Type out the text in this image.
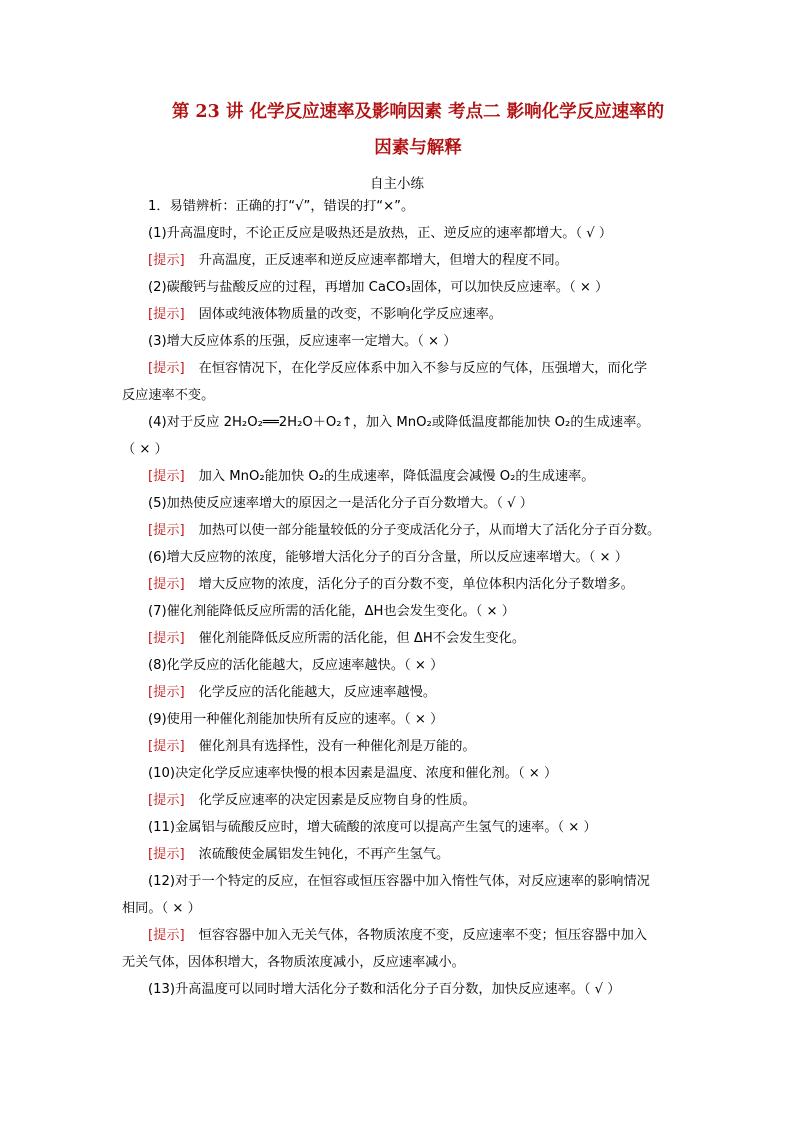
第 23 讲 化学反应速率及影响因素 考点二 影响化学反应速率的
因素与解释
自主小练
1．易错辨析：正确的打“√”，错误的打“×”。
(1)升高温度时，不论正反应是吸热还是放热，正、逆反应的速率都增大。（ √ ）
[提示] 升高温度，正反速率和逆反应速率都增大，但增大的程度不同。
(2)碳酸钙与盐酸反应的过程，再增加 CaCO₃固体，可以加快反应速率。（ × ）
[提示] 固体或纯液体物质量的改变，不影响化学反应速率。
(3)增大反应体系的压强，反应速率一定增大。（ × ）
[提示] 在恒容情况下，在化学反应体系中加入不参与反应的气体，压强增大，而化学
反应速率不变。
(4)对于反应 2H₂O₂══2H₂O＋O₂↑，加入 MnO₂或降低温度都能加快 O₂的生成速率。
（ × ）
[提示] 加入 MnO₂能加快 O₂的生成速率，降低温度会减慢 O₂的生成速率。
(5)加热使反应速率增大的原因之一是活化分子百分数增大。（ √ ）
[提示] 加热可以使一部分能量较低的分子变成活化分子，从而增大了活化分子百分数。
(6)增大反应物的浓度，能够增大活化分子的百分含量，所以反应速率增大。（ × ）
[提示] 增大反应物的浓度，活化分子的百分数不变，单位体积内活化分子数增多。
(7)催化剂能降低反应所需的活化能，ΔH也会发生变化。（ × ）
[提示] 催化剂能降低反应所需的活化能，但 ΔH不会发生变化。
(8)化学反应的活化能越大，反应速率越快。（ × ）
[提示] 化学反应的活化能越大，反应速率越慢。
(9)使用一种催化剂能加快所有反应的速率。（ × ）
[提示] 催化剂具有选择性，没有一种催化剂是万能的。
(10)决定化学反应速率快慢的根本因素是温度、浓度和催化剂。（ × ）
[提示] 化学反应速率的决定因素是反应物自身的性质。
(11)金属铝与硫酸反应时，增大硫酸的浓度可以提高产生氢气的速率。（ × ）
[提示] 浓硫酸使金属铝发生钝化，不再产生氢气。
(12)对于一个特定的反应，在恒容或恒压容器中加入惰性气体，对反应速率的影响情况
相同。（ × ）
[提示] 恒容容器中加入无关气体，各物质浓度不变，反应速率不变；恒压容器中加入
无关气体，因体积增大，各物质浓度减小，反应速率减小。
(13)升高温度可以同时增大活化分子数和活化分子百分数，加快反应速率。（ √ ）
